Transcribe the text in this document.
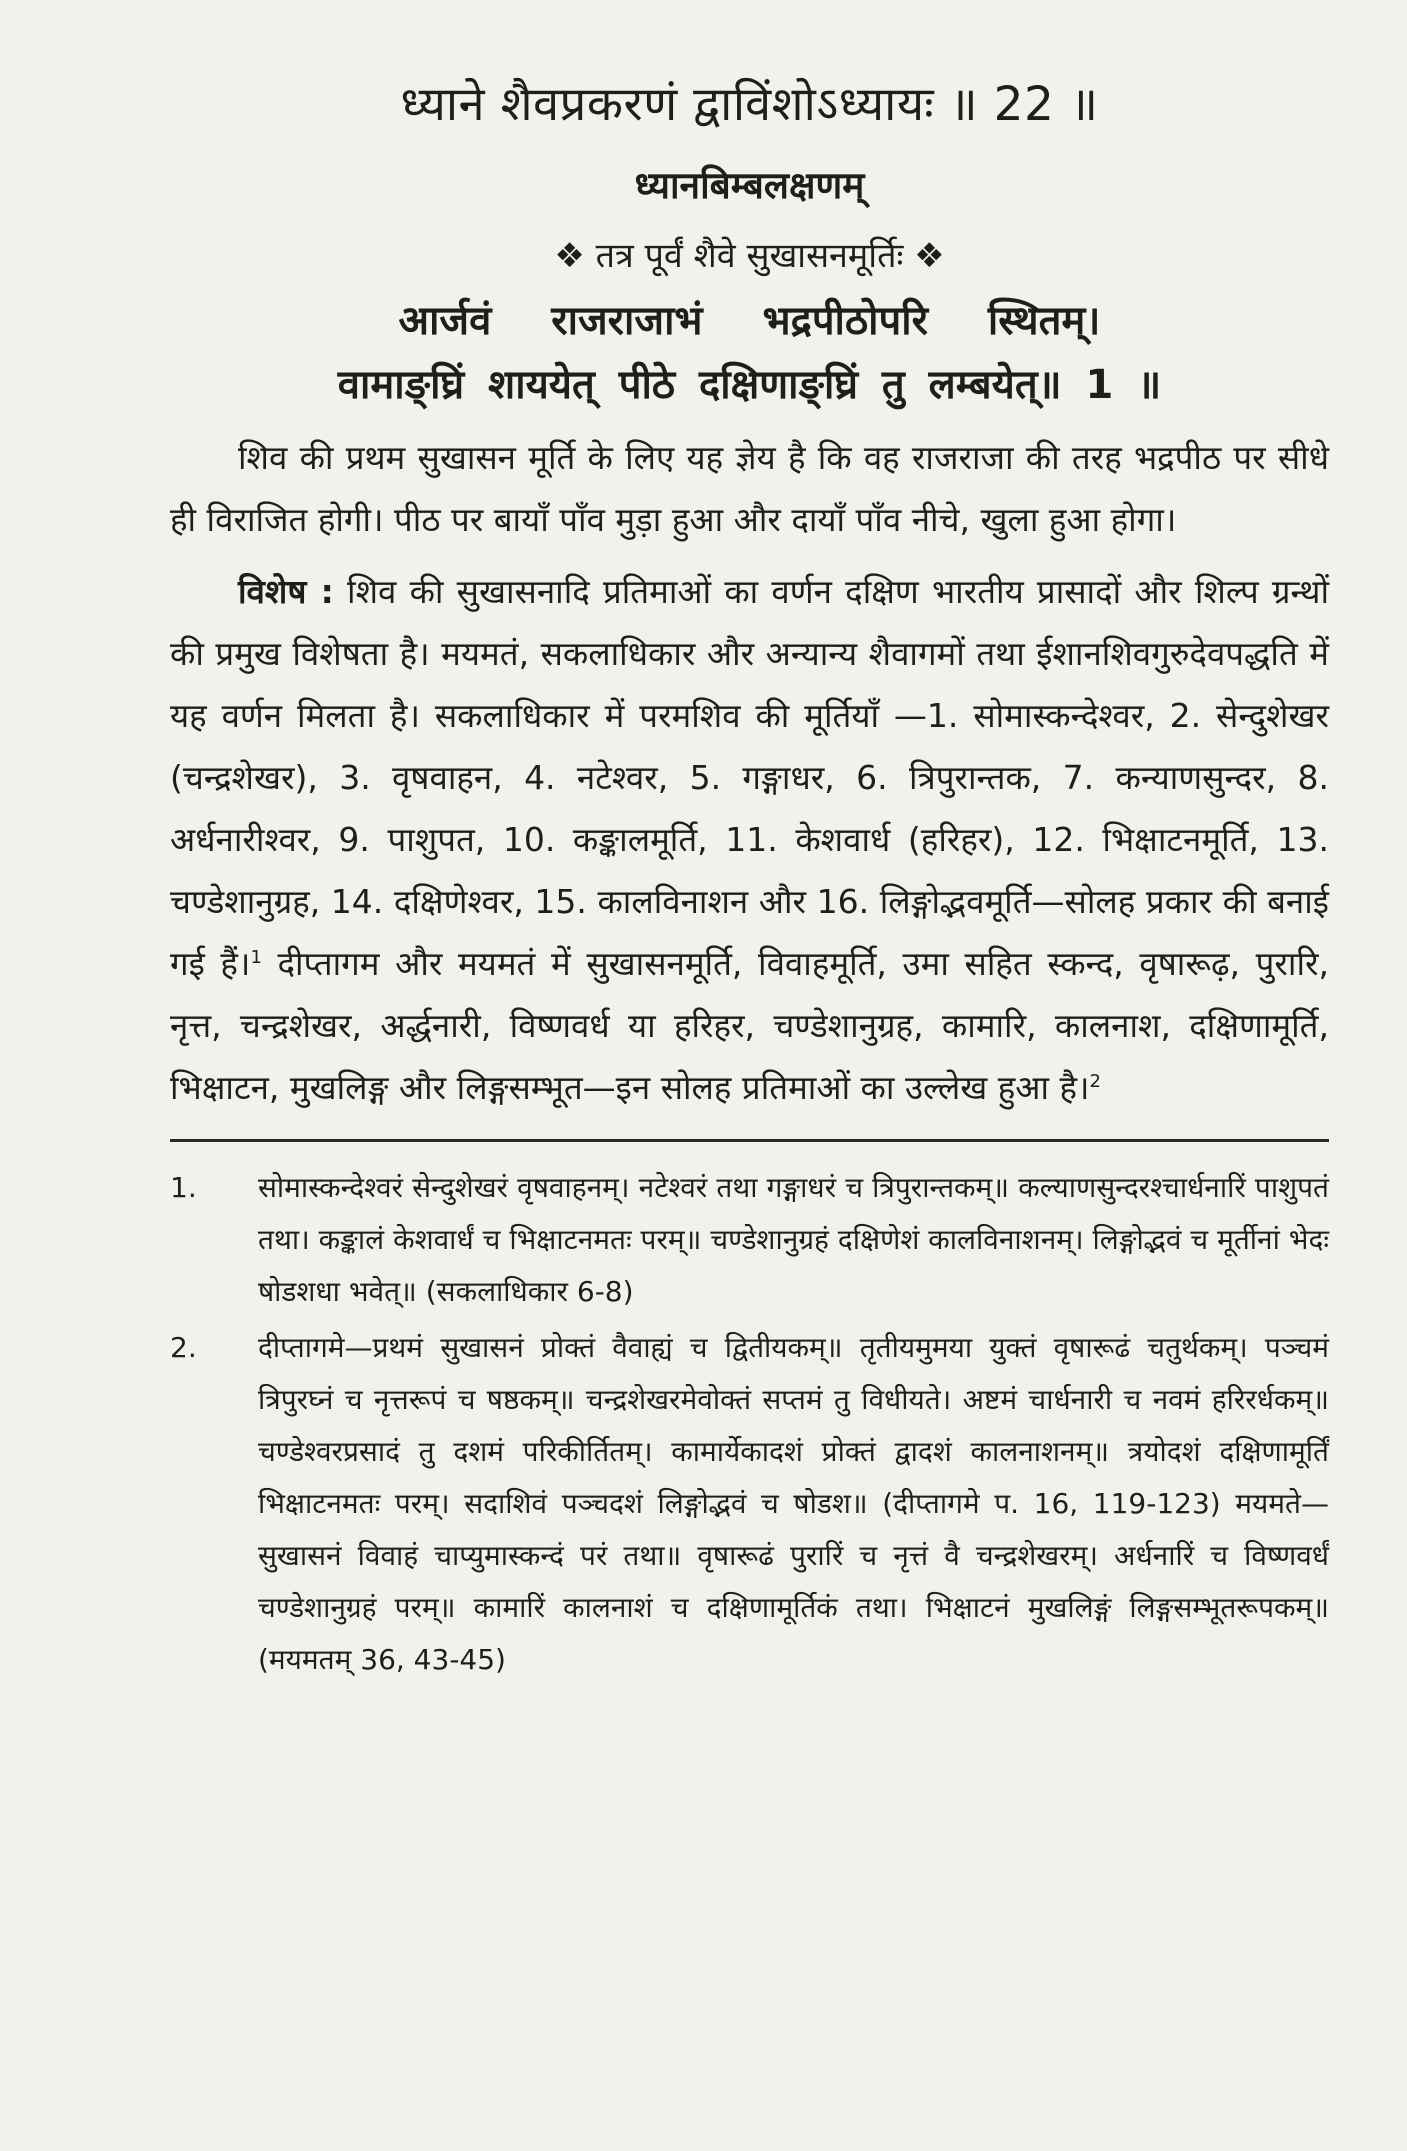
ध्याने शैवप्रकरणं द्वाविंशोऽध्यायः ॥ 22 ॥
ध्यानबिम्बलक्षणम्
❖ तत्र पूर्वं शैवे सुखासनमूर्तिः ❖
आर्जवं राजराजाभं भद्रपीठोपरि स्थितम्।
वामाङ्घ्रिं शाययेत् पीठे दक्षिणाङ्घ्रिं तु लम्बयेत्॥ 1 ॥

शिव की प्रथम सुखासन मूर्ति के लिए यह ज्ञेय है कि वह राजराजा की तरह भद्रपीठ पर सीधे ही विराजित होगी। पीठ पर बायाँ पाँव मुड़ा हुआ और दायाँ पाँव नीचे, खुला हुआ होगा।

विशेष : शिव की सुखासनादि प्रतिमाओं का वर्णन दक्षिण भारतीय प्रासादों और शिल्प ग्रन्थों की प्रमुख विशेषता है। मयमतं, सकलाधिकार और अन्यान्य शैवागमों तथा ईशानशिवगुरुदेवपद्धति में यह वर्णन मिलता है। सकलाधिकार में परमशिव की मूर्तियाँ —1. सोमास्कन्देश्वर, 2. सेन्दुशेखर (चन्द्रशेखर), 3. वृषवाहन, 4. नटेश्वर, 5. गङ्गाधर, 6. त्रिपुरान्तक, 7. कन्याणसुन्दर, 8. अर्धनारीश्वर, 9. पाशुपत, 10. कङ्कालमूर्ति, 11. केशवार्ध (हरिहर), 12. भिक्षाटनमूर्ति, 13. चण्डेशानुग्रह, 14. दक्षिणेश्वर, 15. कालविनाशन और 16. लिङ्गोद्भवमूर्ति—सोलह प्रकार की बनाई गई हैं।$^1$ दीप्तागम और मयमतं में सुखासनमूर्ति, विवाहमूर्ति, उमा सहित स्कन्द, वृषारूढ़, पुरारि, नृत्त, चन्द्रशेखर, अर्द्धनारी, विष्णवर्ध या हरिहर, चण्डेशानुग्रह, कामारि, कालनाश, दक्षिणामूर्ति, भिक्षाटन, मुखलिङ्ग और लिङ्गसम्भूत—इन सोलह प्रतिमाओं का उल्लेख हुआ है।$^2$

1.	सोमास्कन्देश्वरं सेन्दुशेखरं वृषवाहनम्। नटेश्वरं तथा गङ्गाधरं च त्रिपुरान्तकम्॥ कल्याणसुन्दरश्चार्धनारिं पाशुपतं तथा। कङ्कालं केशवार्धं च भिक्षाटनमतः परम्॥ चण्डेशानुग्रहं दक्षिणेशं कालविनाशनम्। लिङ्गोद्भवं च मूर्तीनां भेदः षोडशधा भवेत्॥ (सकलाधिकार 6-8)
2.	दीप्तागमे—प्रथमं सुखासनं प्रोक्तं वैवाह्यं च द्वितीयकम्॥ तृतीयमुमया युक्तं वृषारूढं चतुर्थकम्। पञ्चमं त्रिपुरघ्नं च नृत्तरूपं च षष्ठकम्॥ चन्द्रशेखरमेवोक्तं सप्तमं तु विधीयते। अष्टमं चार्धनारी च नवमं हरिरर्धकम्॥ चण्डेश्वरप्रसादं तु दशमं परिकीर्तितम्। कामार्येकादशं प्रोक्तं द्वादशं कालनाशनम्॥ त्रयोदशं दक्षिणामूर्तिं भिक्षाटनमतः परम्। सदाशिवं पञ्चदशं लिङ्गोद्भवं च षोडश॥ (दीप्तागमे प. 16, 119-123) मयमते— सुखासनं विवाहं चाप्युमास्कन्दं परं तथा॥ वृषारूढं पुरारिं च नृत्तं वै चन्द्रशेखरम्। अर्धनारिं च विष्णवर्धं चण्डेशानुग्रहं परम्॥ कामारिं कालनाशं च दक्षिणामूर्तिकं तथा। भिक्षाटनं मुखलिङ्गं लिङ्गसम्भूतरूपकम्॥ (मयमतम् 36, 43-45)
